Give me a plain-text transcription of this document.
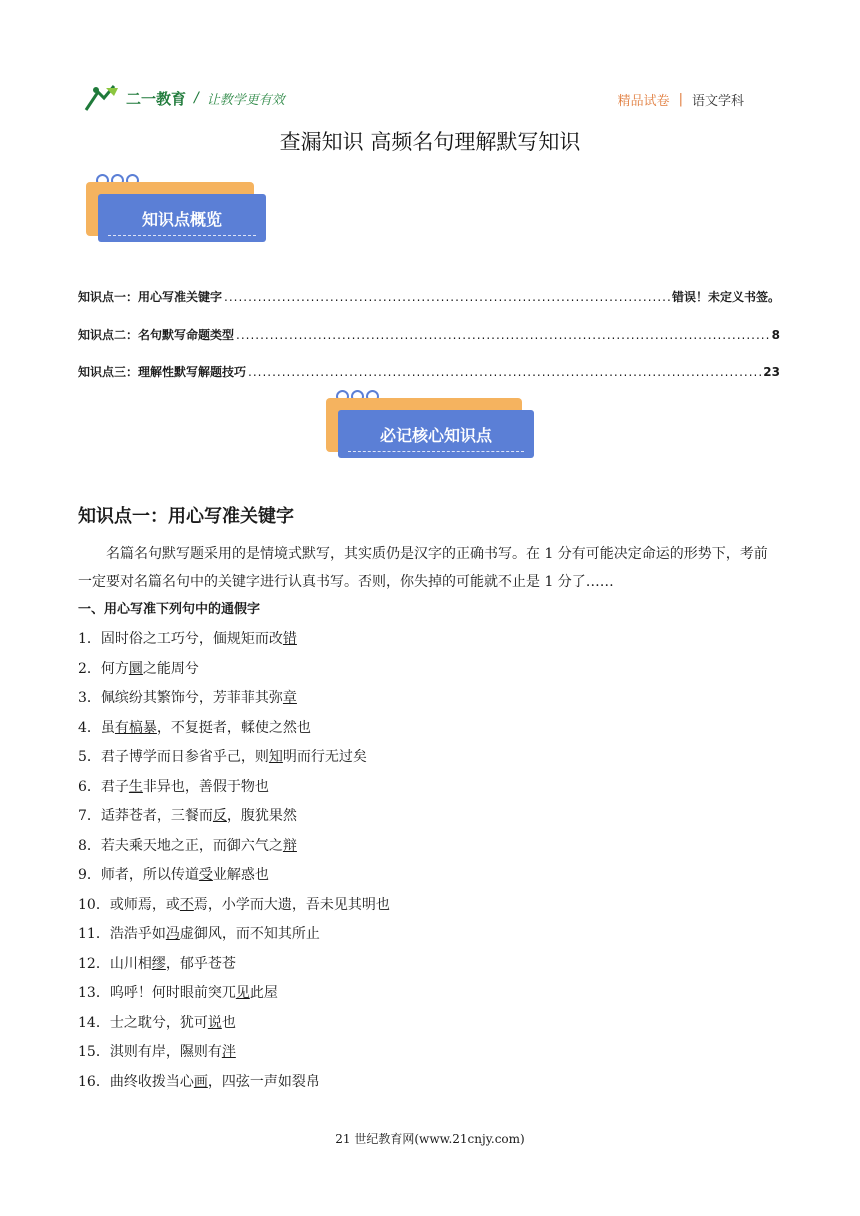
二一教育 / 让教学更有效	精品试卷 | 语文学科
查漏知识 高频名句理解默写知识
知识点概览
知识点一：用心写准关键字 .....	错误！未定义书签。
知识点二：名句默写命题类型 .....	8
知识点三：理解性默写解题技巧 .....	23
必记核心知识点
知识点一：用心写准关键字
名篇名句默写题采用的是情境式默写，其实质仍是汉字的正确书写。在 1 分有可能决定命运的形势下，考前一定要对名篇名句中的关键字进行认真书写。否则，你失掉的可能就不止是 1 分了……
一、用心写准下列句中的通假字
1．固时俗之工巧兮，偭规矩而改错
2．何方圜之能周兮
3．佩缤纷其繁饰兮，芳菲菲其弥章
4．虽有槁暴，不复挺者，輮使之然也
5．君子博学而日参省乎己，则知明而行无过矣
6．君子生非异也，善假于物也
7．适莽苍者，三餐而反，腹犹果然
8．若夫乘天地之正，而御六气之辩
9．师者，所以传道受业解惑也
10．或师焉，或不焉，小学而大遗，吾未见其明也
11．浩浩乎如冯虚御风，而不知其所止
12．山川相缪，郁乎苍苍
13．呜呼！何时眼前突兀见此屋
14．士之耽兮，犹可说也
15．淇则有岸，隰则有泮
16．曲终收拨当心画，四弦一声如裂帛
21 世纪教育网(www.21cnjy.com)
